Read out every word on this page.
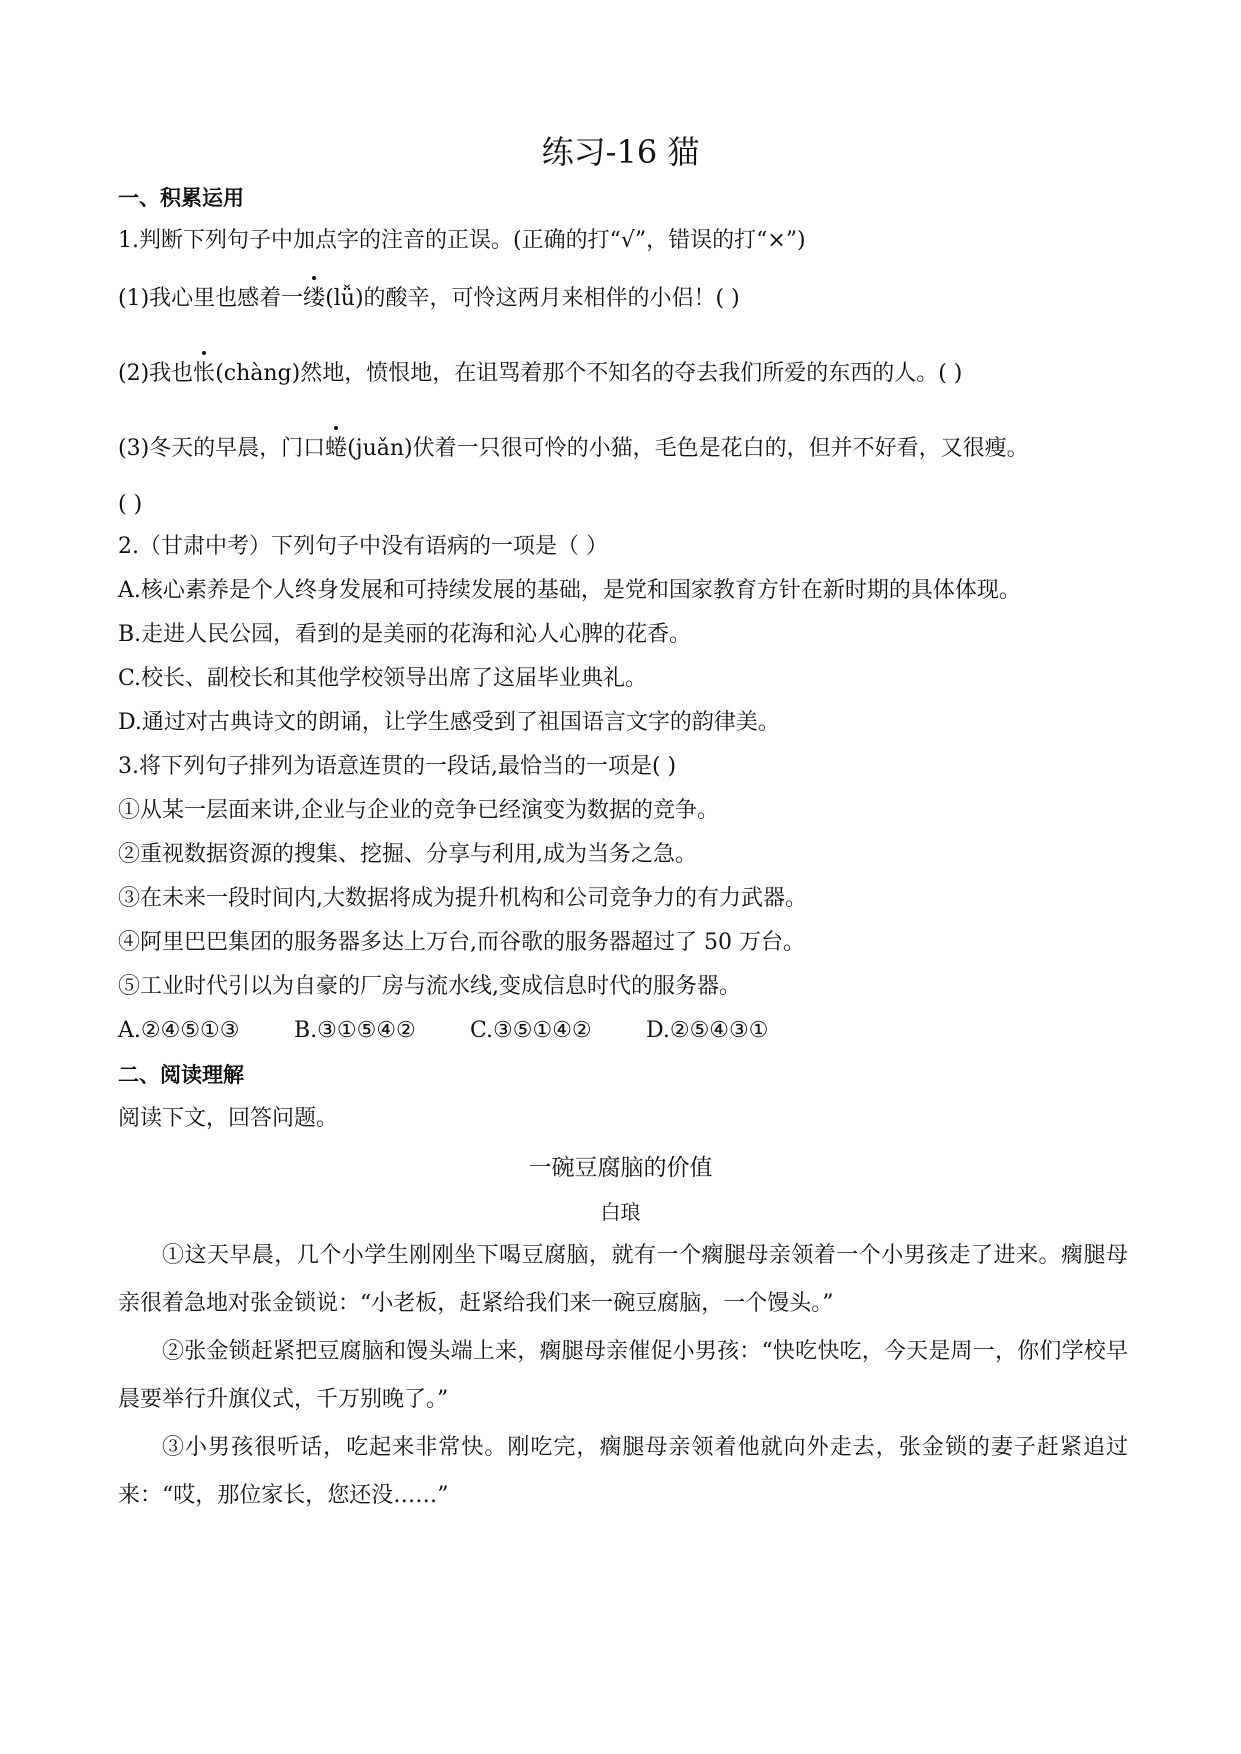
练习-16 猫
一、积累运用
1.判断下列句子中加点字的注音的正误。(正确的打“√”，错误的打“×”)
(1)我心里也感着一缕(lǚ)的酸辛，可怜这两月来相伴的小侣！( )
(2)我也怅(chàng)然地，愤恨地，在诅骂着那个不知名的夺去我们所爱的东西的人。( )
(3)冬天的早晨，门口蜷(juǎn)伏着一只很可怜的小猫，毛色是花白的，但并不好看，又很瘦。
( )
2.（甘肃中考）下列句子中没有语病的一项是（ ）
A.核心素养是个人终身发展和可持续发展的基础，是党和国家教育方针在新时期的具体体现。
B.走进人民公园，看到的是美丽的花海和沁人心脾的花香。
C.校长、副校长和其他学校领导出席了这届毕业典礼。
D.通过对古典诗文的朗诵，让学生感受到了祖国语言文字的韵律美。
3.将下列句子排列为语意连贯的一段话,最恰当的一项是( )
①从某一层面来讲,企业与企业的竞争已经演变为数据的竞争。
②重视数据资源的搜集、挖掘、分享与利用,成为当务之急。
③在未来一段时间内,大数据将成为提升机构和公司竞争力的有力武器。
④阿里巴巴集团的服务器多达上万台,而谷歌的服务器超过了 50 万台。
⑤工业时代引以为自豪的厂房与流水线,变成信息时代的服务器。
A.②④⑤①③ B.③①⑤④② C.③⑤①④② D.②⑤④③①
二、阅读理解
阅读下文，回答问题。
一碗豆腐脑的价值
白琅
①这天早晨，几个小学生刚刚坐下喝豆腐脑，就有一个瘸腿母亲领着一个小男孩走了进来。瘸腿母亲很着急地对张金锁说：“小老板，赶紧给我们来一碗豆腐脑，一个馒头。”
②张金锁赶紧把豆腐脑和馒头端上来，瘸腿母亲催促小男孩：“快吃快吃，今天是周一，你们学校早晨要举行升旗仪式，千万别晚了。”
③小男孩很听话，吃起来非常快。刚吃完，瘸腿母亲领着他就向外走去，张金锁的妻子赶紧追过来：“哎，那位家长，您还没……”
